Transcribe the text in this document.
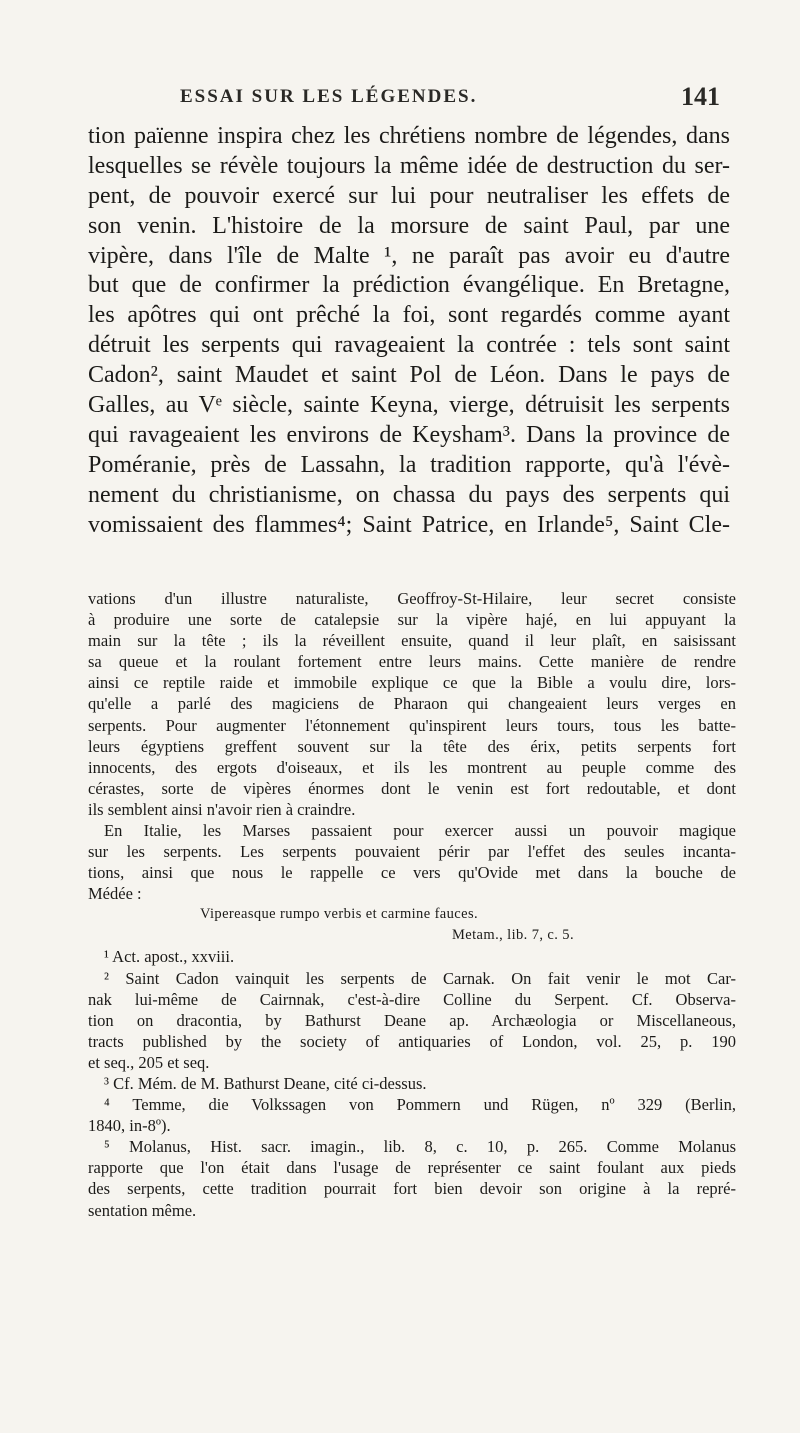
ESSAI SUR LES LÉGENDES.	141
tion païenne inspira chez les chrétiens nombre de légendes, dans
lesquelles se révèle toujours la même idée de destruction du ser-
pent, de pouvoir exercé sur lui pour neutraliser les effets de
son venin. L'histoire de la morsure de saint Paul, par une
vipère, dans l'île de Malte ¹, ne paraît pas avoir eu d'autre
but que de confirmer la prédiction évangélique. En Bretagne,
les apôtres qui ont prêché la foi, sont regardés comme ayant
détruit les serpents qui ravageaient la contrée : tels sont saint
Cadon², saint Maudet et saint Pol de Léon. Dans le pays de
Galles, au Vᵉ siècle, sainte Keyna, vierge, détruisit les serpents
qui ravageaient les environs de Keysham³. Dans la province de
Poméranie, près de Lassahn, la tradition rapporte, qu'à l'évè-
nement du christianisme, on chassa du pays des serpents qui
vomissaient des flammes⁴; Saint Patrice, en Irlande⁵, Saint Cle-
vations d'un illustre naturaliste, Geoffroy-St-Hilaire, leur secret consiste
à produire une sorte de catalepsie sur la vipère hajé, en lui appuyant la
main sur la tête ; ils la réveillent ensuite, quand il leur plaît, en saisissant
sa queue et la roulant fortement entre leurs mains. Cette manière de rendre
ainsi ce reptile raide et immobile explique ce que la Bible a voulu dire, lors-
qu'elle a parlé des magiciens de Pharaon qui changeaient leurs verges en
serpents. Pour augmenter l'étonnement qu'inspirent leurs tours, tous les batte-
leurs égyptiens greffent souvent sur la tête des érix, petits serpents fort
innocents, des ergots d'oiseaux, et ils les montrent au peuple comme des
cérastes, sorte de vipères énormes dont le venin est fort redoutable, et dont
ils semblent ainsi n'avoir rien à craindre.
En Italie, les Marses passaient pour exercer aussi un pouvoir magique
sur les serpents. Les serpents pouvaient périr par l'effet des seules incanta-
tions, ainsi que nous le rappelle ce vers qu'Ovide met dans la bouche de
Médée :
Vipereasque rumpo verbis et carmine fauces.
Metam., lib. 7, c. 5.
¹ Act. apost., xxviii.
² Saint Cadon vainquit les serpents de Carnak. On fait venir le mot Car-
nak lui-même de Cairnnak, c'est-à-dire Colline du Serpent. Cf. Observa-
tion on dracontia, by Bathurst Deane ap. Archæologia or Miscellaneous,
tracts published by the society of antiquaries of London, vol. 25, p. 190
et seq., 205 et seq.
³ Cf. Mém. de M. Bathurst Deane, cité ci-dessus.
⁴ Temme, die Volkssagen von Pommern und Rügen, nº 329 (Berlin,
1840, in-8º).
⁵ Molanus, Hist. sacr. imagin., lib. 8, c. 10, p. 265. Comme Molanus
rapporte que l'on était dans l'usage de représenter ce saint foulant aux pieds
des serpents, cette tradition pourrait fort bien devoir son origine à la repré-
sentation même.
